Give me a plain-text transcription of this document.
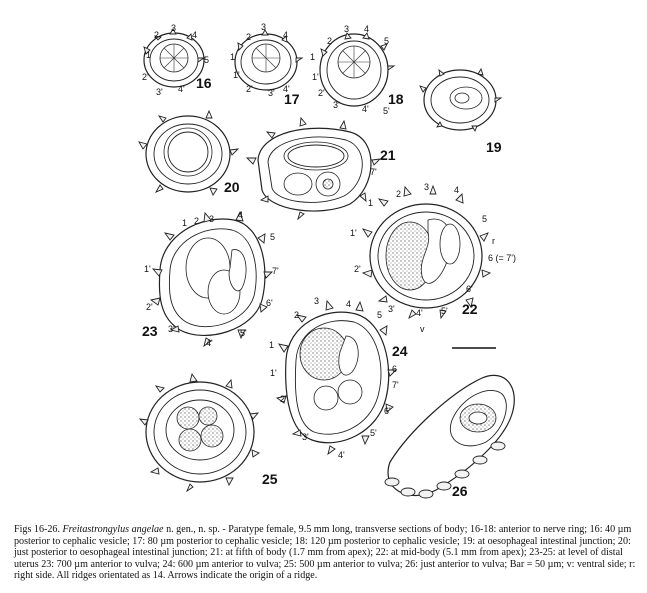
2
3
4
1	5
2'
3' 4' 16
2
3
4
1
1'
2' 3' 4'
17
2
3 4
5
1
1'
2'
3' 4' 5'
18
19
20
7'
21
1
2
3	4
5
1'
2'
3' 4' 5'
6'
6 (= 7')
r
v
22
1 2 3	4
5
1'
2'
3'
4'
5'
6'
7'
23
1
2
3	4
5
6
1'
2'
3'
4'
5'
6'
7'
24
25
26
Figs 16-26. Freitastrongylus angelae n. gen., n. sp. - Paratype female, 9.5 mm long, transverse sections of body; 16-18: anterior to nerve ring; 16: 40 µm posterior to cephalic vesicle; 17: 80 µm posterior to cephalic vesicle; 18: 120 µm posterior to cephalic vesicle; 19: at oesophageal intestinal junction; 20: just posterior to oesophageal intestinal junction; 21: at fifth of body (1.7 mm from apex); 22: at mid-body (5.1 mm from apex); 23-25: at level of distal uterus 23: 700 µm anterior to vulva; 24: 600 µm anterior to vulva; 25: 500 µm anterior to vulva; 26: just anterior to vulva; Bar = 50 µm; v: ventral side; r: right side. All ridges orientated as 14. Arrows indicate the origin of a ridge.
